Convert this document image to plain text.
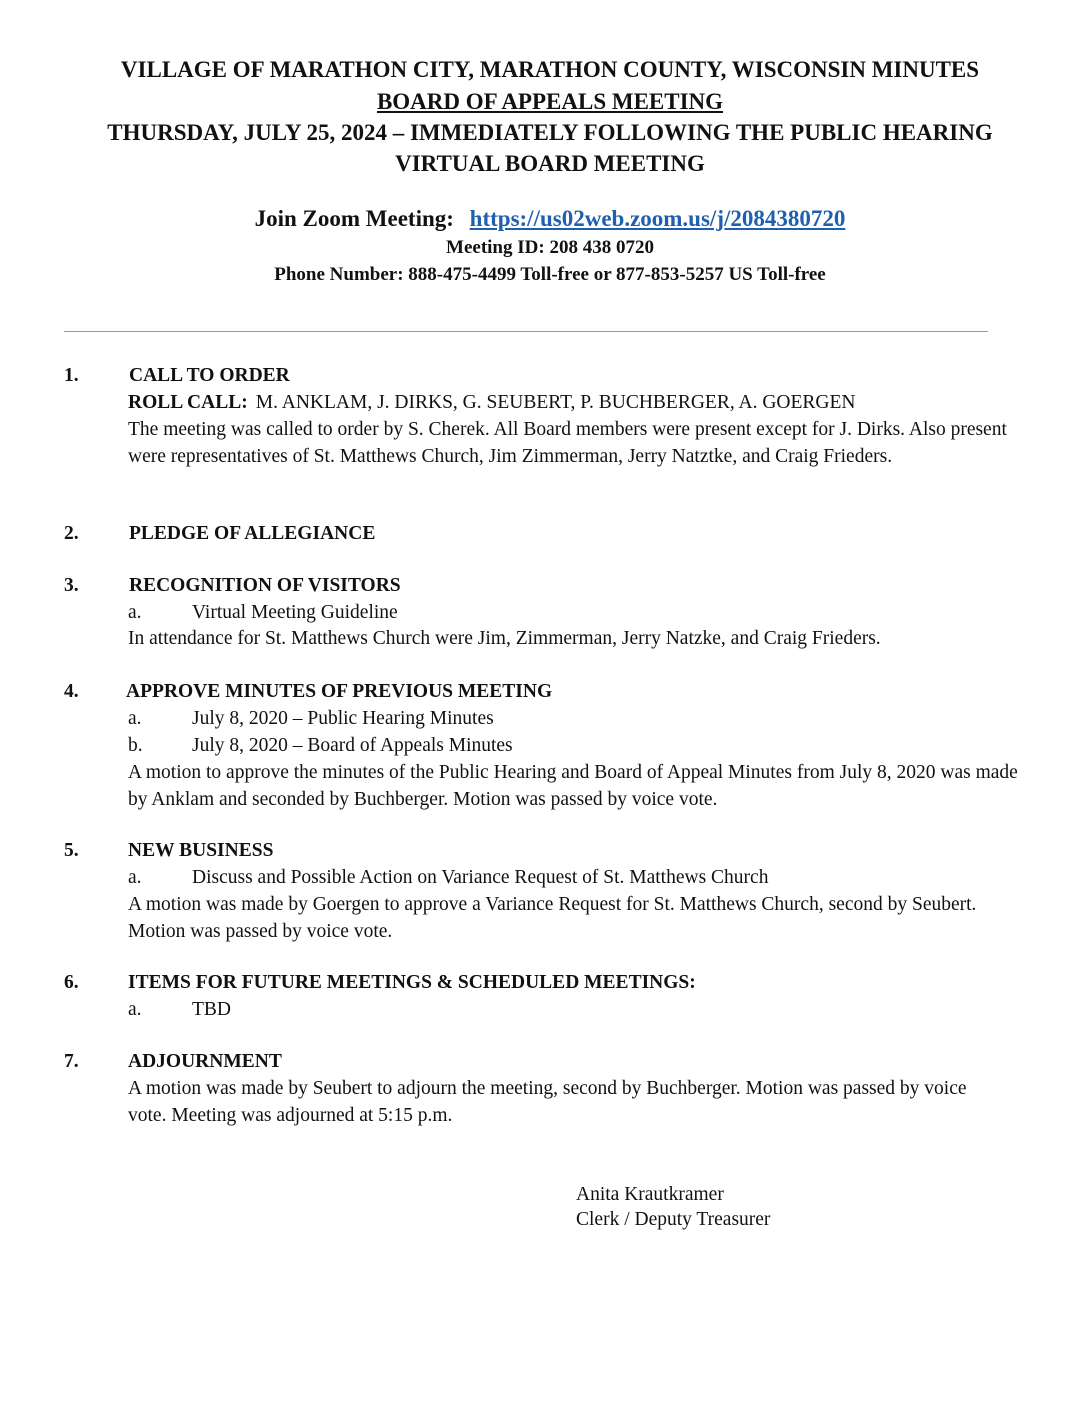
VILLAGE OF MARATHON CITY, MARATHON COUNTY, WISCONSIN MINUTES
BOARD OF APPEALS MEETING
THURSDAY, JULY 25, 2024 – IMMEDIATELY FOLLOWING THE PUBLIC HEARING
VIRTUAL BOARD MEETING
Join Zoom Meeting: https://us02web.zoom.us/j/2084380720
Meeting ID: 208 438 0720
Phone Number: 888-475-4499 Toll-free or 877-853-5257 US Toll-free
1.	CALL TO ORDER
ROLL CALL: M. ANKLAM, J. DIRKS, G. SEUBERT, P. BUCHBERGER, A. GOERGEN
The meeting was called to order by S. Cherek. All Board members were present except for J. Dirks. Also present were representatives of St. Matthews Church, Jim Zimmerman, Jerry Natztke, and Craig Frieders.
2.	PLEDGE OF ALLEGIANCE
3.	RECOGNITION OF VISITORS
a.	Virtual Meeting Guideline
In attendance for St. Matthews Church were Jim, Zimmerman, Jerry Natzke, and Craig Frieders.
4. APPROVE MINUTES OF PREVIOUS MEETING
a.	July 8, 2020 – Public Hearing Minutes
b.	July 8, 2020 – Board of Appeals Minutes
A motion to approve the minutes of the Public Hearing and Board of Appeal Minutes from July 8, 2020 was made by Anklam and seconded by Buchberger. Motion was passed by voice vote.
5.	NEW BUSINESS
a.	Discuss and Possible Action on Variance Request of St. Matthews Church
A motion was made by Goergen to approve a Variance Request for St. Matthews Church, second by Seubert. Motion was passed by voice vote.
6.	ITEMS FOR FUTURE MEETINGS & SCHEDULED MEETINGS:
a.	TBD
7.	ADJOURNMENT
A motion was made by Seubert to adjourn the meeting, second by Buchberger. Motion was passed by voice vote. Meeting was adjourned at 5:15 p.m.
Anita Krautkramer
Clerk / Deputy Treasurer
